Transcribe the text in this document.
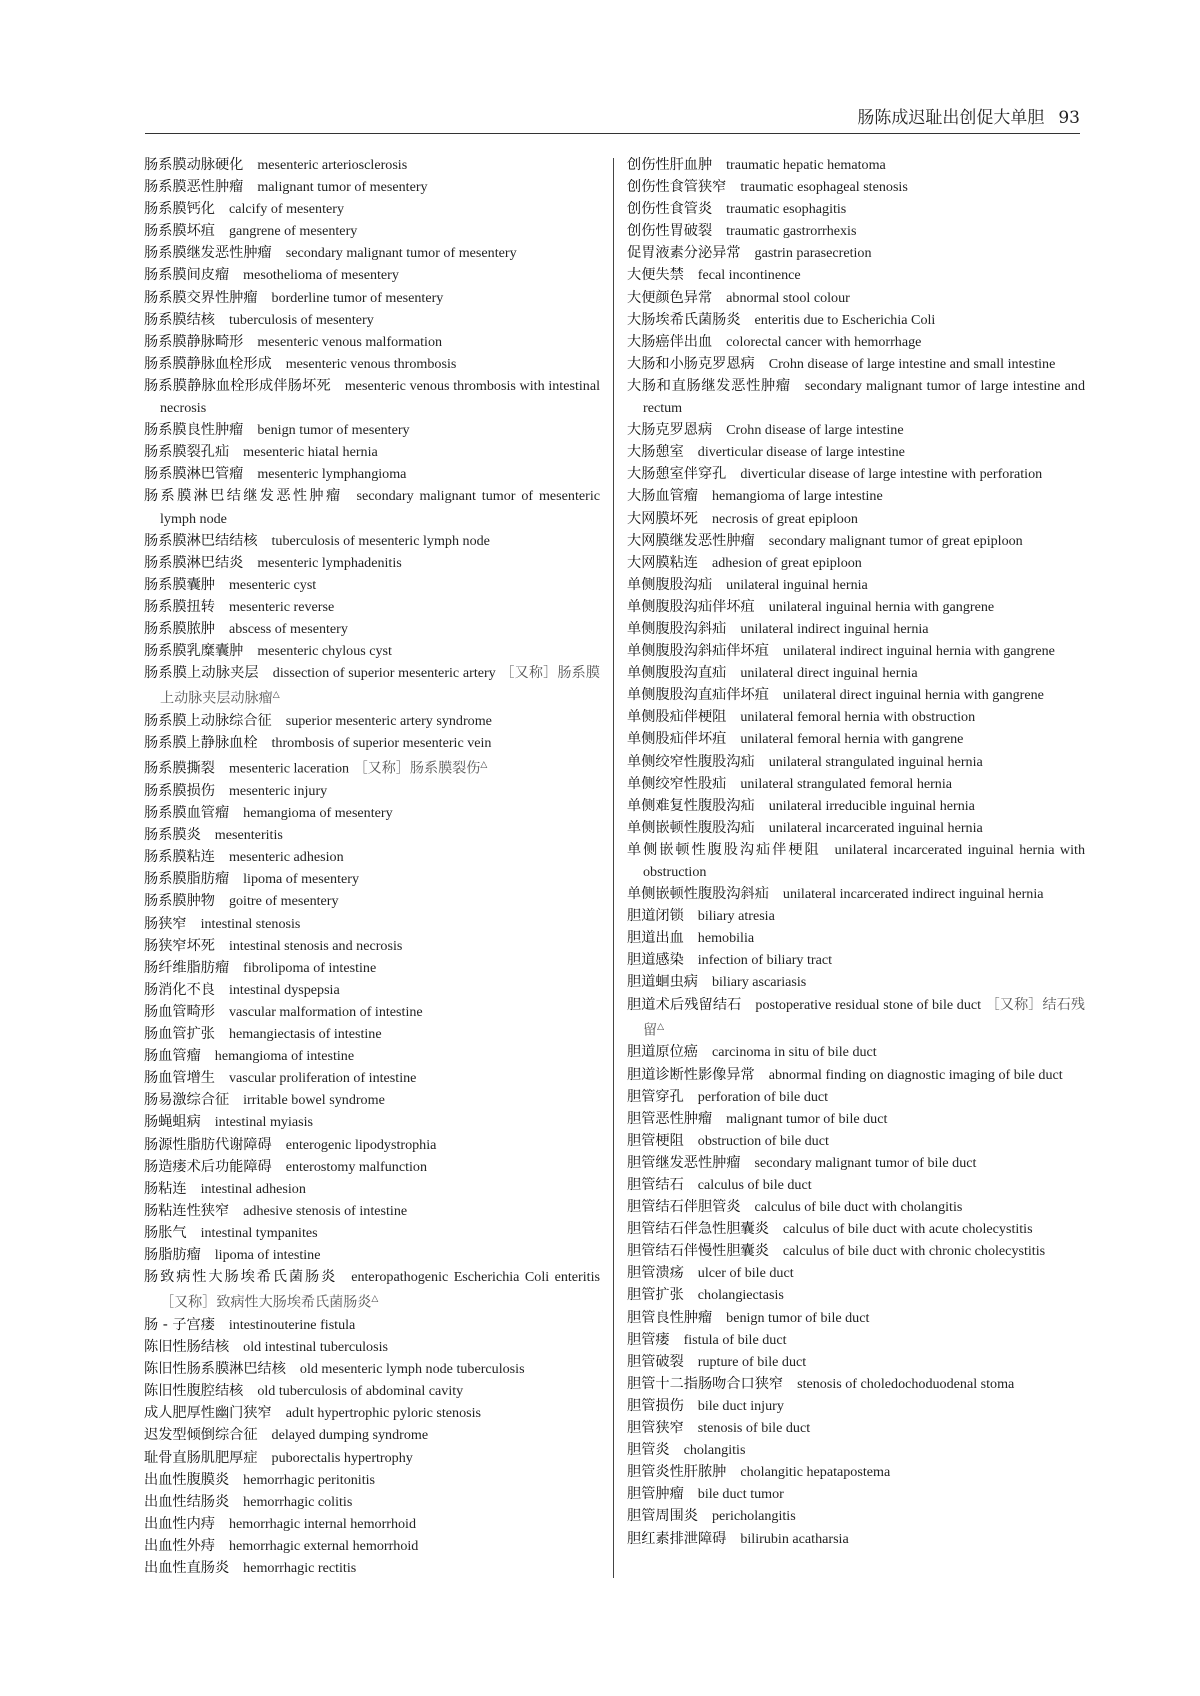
肠陈成迟耻出创促大单胆 93

肠系膜动脉硬化 mesenteric arteriosclerosis

肠系膜恶性肿瘤 malignant tumor of mesentery

肠系膜钙化 calcify of mesentery

肠系膜坏疽 gangrene of mesentery

肠系膜继发恶性肿瘤 secondary malignant tumor of mesentery

肠系膜间皮瘤 mesothelioma of mesentery

肠系膜交界性肿瘤 borderline tumor of mesentery

肠系膜结核 tuberculosis of mesentery

肠系膜静脉畸形 mesenteric venous malformation

肠系膜静脉血栓形成 mesenteric venous thrombosis

肠系膜静脉血栓形成伴肠坏死 mesenteric venous thrombosis with intestinal necrosis

肠系膜良性肿瘤 benign tumor of mesentery

肠系膜裂孔疝 mesenteric hiatal hernia

肠系膜淋巴管瘤 mesenteric lymphangioma

肠系膜淋巴结继发恶性肿瘤 secondary malignant tumor of mesenteric lymph node

肠系膜淋巴结结核 tuberculosis of mesenteric lymph node

肠系膜淋巴结炎 mesenteric lymphadenitis

肠系膜囊肿 mesenteric cyst

肠系膜扭转 mesenteric reverse

肠系膜脓肿 abscess of mesentery

肠系膜乳糜囊肿 mesenteric chylous cyst

肠系膜上动脉夹层 dissection of superior mesenteric artery ［又称］肠系膜上动脉夹层动脉瘤△

肠系膜上动脉综合征 superior mesenteric artery syndrome

肠系膜上静脉血栓 thrombosis of superior mesenteric vein

肠系膜撕裂 mesenteric laceration ［又称］肠系膜裂伤△

肠系膜损伤 mesenteric injury

肠系膜血管瘤 hemangioma of mesentery

肠系膜炎 mesenteritis

肠系膜粘连 mesenteric adhesion

肠系膜脂肪瘤 lipoma of mesentery

肠系膜肿物 goitre of mesentery

肠狭窄 intestinal stenosis

肠狭窄坏死 intestinal stenosis and necrosis

肠纤维脂肪瘤 fibrolipoma of intestine

肠消化不良 intestinal dyspepsia

肠血管畸形 vascular malformation of intestine

肠血管扩张 hemangiectasis of intestine

肠血管瘤 hemangioma of intestine

肠血管增生 vascular proliferation of intestine

肠易激综合征 irritable bowel syndrome

肠蝇蛆病 intestinal myiasis

肠源性脂肪代谢障碍 enterogenic lipodystrophia

肠造瘘术后功能障碍 enterostomy malfunction

肠粘连 intestinal adhesion

肠粘连性狭窄 adhesive stenosis of intestine

肠胀气 intestinal tympanites

肠脂肪瘤 lipoma of intestine

肠致病性大肠埃希氏菌肠炎 enteropathogenic Escherichia Coli enteritis ［又称］致病性大肠埃希氏菌肠炎△

肠 - 子宫瘘 intestinouterine fistula

陈旧性肠结核 old intestinal tuberculosis

陈旧性肠系膜淋巴结核 old mesenteric lymph node tuberculosis

陈旧性腹腔结核 old tuberculosis of abdominal cavity

成人肥厚性幽门狭窄 adult hypertrophic pyloric stenosis

迟发型倾倒综合征 delayed dumping syndrome

耻骨直肠肌肥厚症 puborectalis hypertrophy

出血性腹膜炎 hemorrhagic peritonitis

出血性结肠炎 hemorrhagic colitis

出血性内痔 hemorrhagic internal hemorrhoid

出血性外痔 hemorrhagic external hemorrhoid

出血性直肠炎 hemorrhagic rectitis

创伤性肝血肿 traumatic hepatic hematoma

创伤性食管狭窄 traumatic esophageal stenosis

创伤性食管炎 traumatic esophagitis

创伤性胃破裂 traumatic gastrorrhexis

促胃液素分泌异常 gastrin parasecretion

大便失禁 fecal incontinence

大便颜色异常 abnormal stool colour

大肠埃希氏菌肠炎 enteritis due to Escherichia Coli

大肠癌伴出血 colorectal cancer with hemorrhage

大肠和小肠克罗恩病 Crohn disease of large intestine and small intestine

大肠和直肠继发恶性肿瘤 secondary malignant tumor of large intestine and rectum

大肠克罗恩病 Crohn disease of large intestine

大肠憩室 diverticular disease of large intestine

大肠憩室伴穿孔 diverticular disease of large intestine with perforation

大肠血管瘤 hemangioma of large intestine

大网膜坏死 necrosis of great epiploon

大网膜继发恶性肿瘤 secondary malignant tumor of great epiploon

大网膜粘连 adhesion of great epiploon

单侧腹股沟疝 unilateral inguinal hernia

单侧腹股沟疝伴坏疽 unilateral inguinal hernia with gangrene

单侧腹股沟斜疝 unilateral indirect inguinal hernia

单侧腹股沟斜疝伴坏疽 unilateral indirect inguinal hernia with gangrene

单侧腹股沟直疝 unilateral direct inguinal hernia

单侧腹股沟直疝伴坏疽 unilateral direct inguinal hernia with gangrene

单侧股疝伴梗阻 unilateral femoral hernia with obstruction

单侧股疝伴坏疽 unilateral femoral hernia with gangrene

单侧绞窄性腹股沟疝 unilateral strangulated inguinal hernia

单侧绞窄性股疝 unilateral strangulated femoral hernia

单侧难复性腹股沟疝 unilateral irreducible inguinal hernia

单侧嵌顿性腹股沟疝 unilateral incarcerated inguinal hernia

单侧嵌顿性腹股沟疝伴梗阻 unilateral incarcerated inguinal hernia with obstruction

单侧嵌顿性腹股沟斜疝 unilateral incarcerated indirect inguinal hernia

胆道闭锁 biliary atresia

胆道出血 hemobilia

胆道感染 infection of biliary tract

胆道蛔虫病 biliary ascariasis

胆道术后残留结石 postoperative residual stone of bile duct ［又称］结石残留△

胆道原位癌 carcinoma in situ of bile duct

胆道诊断性影像异常 abnormal finding on diagnostic imaging of bile duct

胆管穿孔 perforation of bile duct

胆管恶性肿瘤 malignant tumor of bile duct

胆管梗阻 obstruction of bile duct

胆管继发恶性肿瘤 secondary malignant tumor of bile duct

胆管结石 calculus of bile duct

胆管结石伴胆管炎 calculus of bile duct with cholangitis

胆管结石伴急性胆囊炎 calculus of bile duct with acute cholecystitis

胆管结石伴慢性胆囊炎 calculus of bile duct with chronic cholecystitis

胆管溃疡 ulcer of bile duct

胆管扩张 cholangiectasis

胆管良性肿瘤 benign tumor of bile duct

胆管瘘 fistula of bile duct

胆管破裂 rupture of bile duct

胆管十二指肠吻合口狭窄 stenosis of choledochoduodenal stoma

胆管损伤 bile duct injury

胆管狭窄 stenosis of bile duct

胆管炎 cholangitis

胆管炎性肝脓肿 cholangitic hepatapostema

胆管肿瘤 bile duct tumor

胆管周围炎 pericholangitis

胆红素排泄障碍 bilirubin acatharsia
